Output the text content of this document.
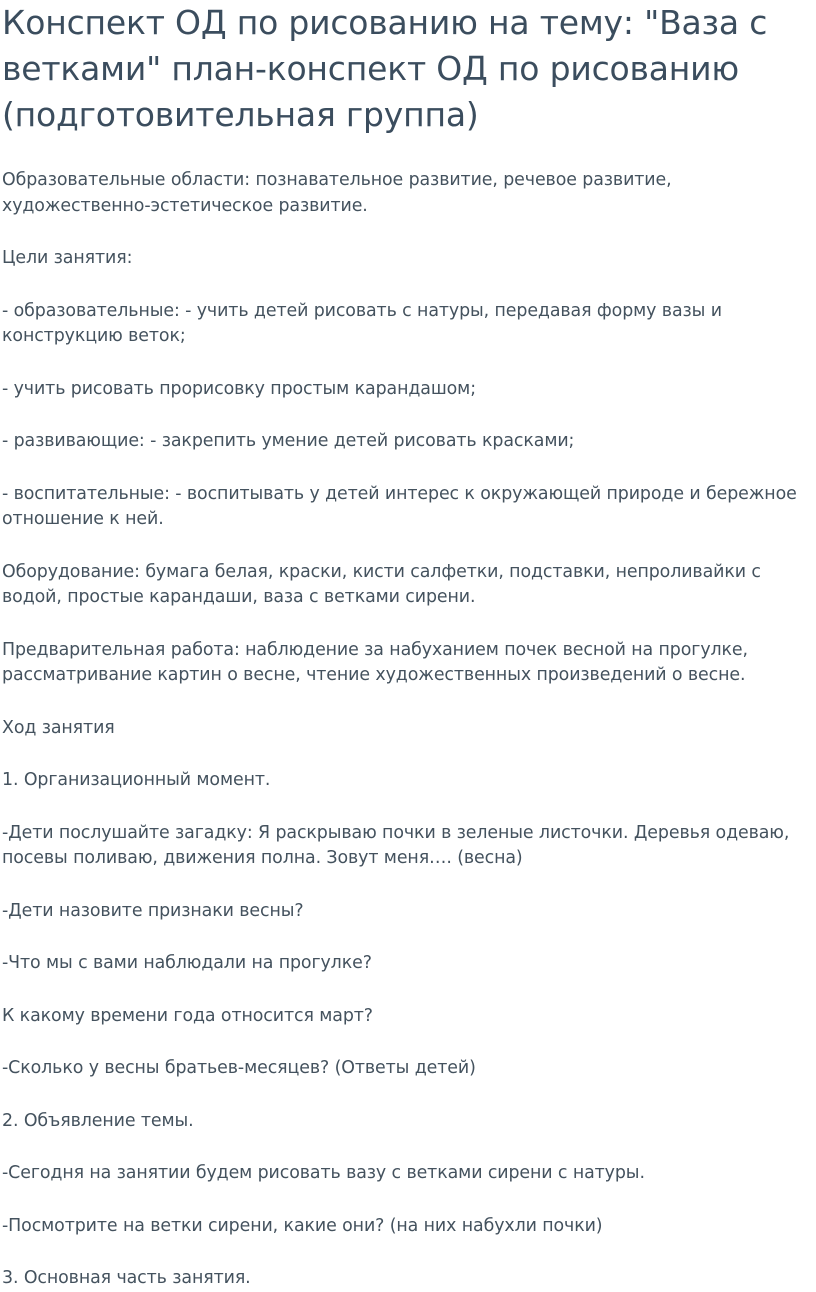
Конспект ОД по рисованию на тему: "Ваза с ветками" план-конспект ОД по рисованию (подготовительная группа)

Образовательные области: познавательное развитие, речевое развитие, художественно-эстетическое развитие.

Цели занятия:

- образовательные: - учить детей рисовать с натуры, передавая форму вазы и конструкцию веток;

- учить рисовать прорисовку простым карандашом;

- развивающие: - закрепить умение детей рисовать красками;

- воспитательные: - воспитывать у детей интерес к окружающей природе и бережное отношение к ней.

Оборудование: бумага белая, краски, кисти салфетки, подставки, непроливайки с водой, простые карандаши, ваза с ветками сирени.

Предварительная работа: наблюдение за набуханием почек весной на прогулке, рассматривание картин о весне, чтение художественных произведений о весне.

Ход занятия

1. Организационный момент.

-Дети послушайте загадку: Я раскрываю почки в зеленые листочки. Деревья одеваю, посевы поливаю, движения полна. Зовут меня…. (весна)

-Дети назовите признаки весны?

-Что мы с вами наблюдали на прогулке?

К какому времени года относится март?

-Сколько у весны братьев-месяцев? (Ответы детей)

2. Объявление темы.

-Сегодня на занятии будем рисовать вазу с ветками сирени с натуры.

-Посмотрите на ветки сирени, какие они? (на них набухли почки)

3. Основная часть занятия.
